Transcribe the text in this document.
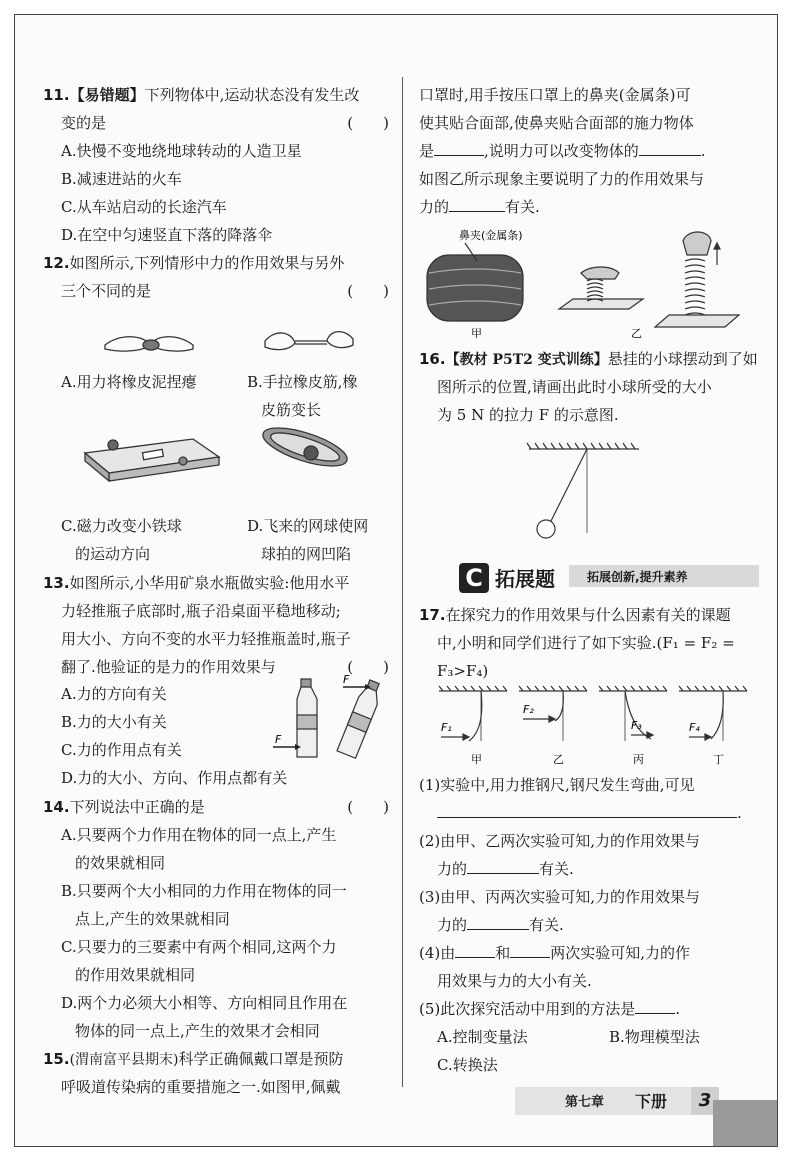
11.【易错题】下列物体中,运动状态没有发生改
变的是	(　　)
A.快慢不变地绕地球转动的人造卫星
B.减速进站的火车
C.从车站启动的长途汽车
D.在空中匀速竖直下落的降落伞
12.如图所示,下列情形中力的作用效果与另外
三个不同的是	(　　)
A.用力将橡皮泥捏瘪	B.手拉橡皮筋,橡
皮筋变长
C.磁力改变小铁球
的运动方向
D.飞来的网球使网
球拍的网凹陷
13.如图所示,小华用矿泉水瓶做实验:他用水平
力轻推瓶子底部时,瓶子沿桌面平稳地移动;
用大小、方向不变的水平力轻推瓶盖时,瓶子
翻了.他验证的是力的作用效果与	(　　)
A.力的方向有关
B.力的大小有关
C.力的作用点有关
D.力的大小、方向、作用点都有关
F
F
14.下列说法中正确的是	(　　)
A.只要两个力作用在物体的同一点上,产生
的效果就相同
B.只要两个大小相同的力作用在物体的同一
点上,产生的效果就相同
C.只要力的三要素中有两个相同,这两个力
的作用效果就相同
D.两个力必须大小相等、方向相同且作用在
物体的同一点上,产生的效果才会相同
15.(渭南富平县期末)科学正确佩戴口罩是预防
呼吸道传染病的重要措施之一.如图甲,佩戴
口罩时,用手按压口罩上的鼻夹(金属条)可
使其贴合面部,使鼻夹贴合面部的施力物体
是	,说明力可以改变物体的	.
如图乙所示现象主要说明了力的作用效果与
力的	有关.
鼻夹(金属条)
甲	乙
16.【教材 P5T2 变式训练】悬挂的小球摆动到了如
图所示的位置,请画出此时小球所受的大小
为 5 N 的拉力 F 的示意图.
C 拓展题	拓展创新,提升素养
17.在探究力的作用效果与什么因素有关的课题
中,小明和同学们进行了如下实验.(F₁ = F₂ =
F₃>F₄)
F₁
F₂
F₃	F₄
甲	乙	丙	丁
(1)实验中,用力推钢尺,钢尺发生弯曲,可见
.
(2)由甲、乙两次实验可知,力的作用效果与
力的	有关.
(3)由甲、丙两次实验可知,力的作用效果与
力的	有关.
(4)由	和	两次实验可知,力的作
用效果与力的大小有关.
(5)此次探究活动中用到的方法是	.
A.控制变量法	B.物理模型法
C.转换法
第七章 下册	3
